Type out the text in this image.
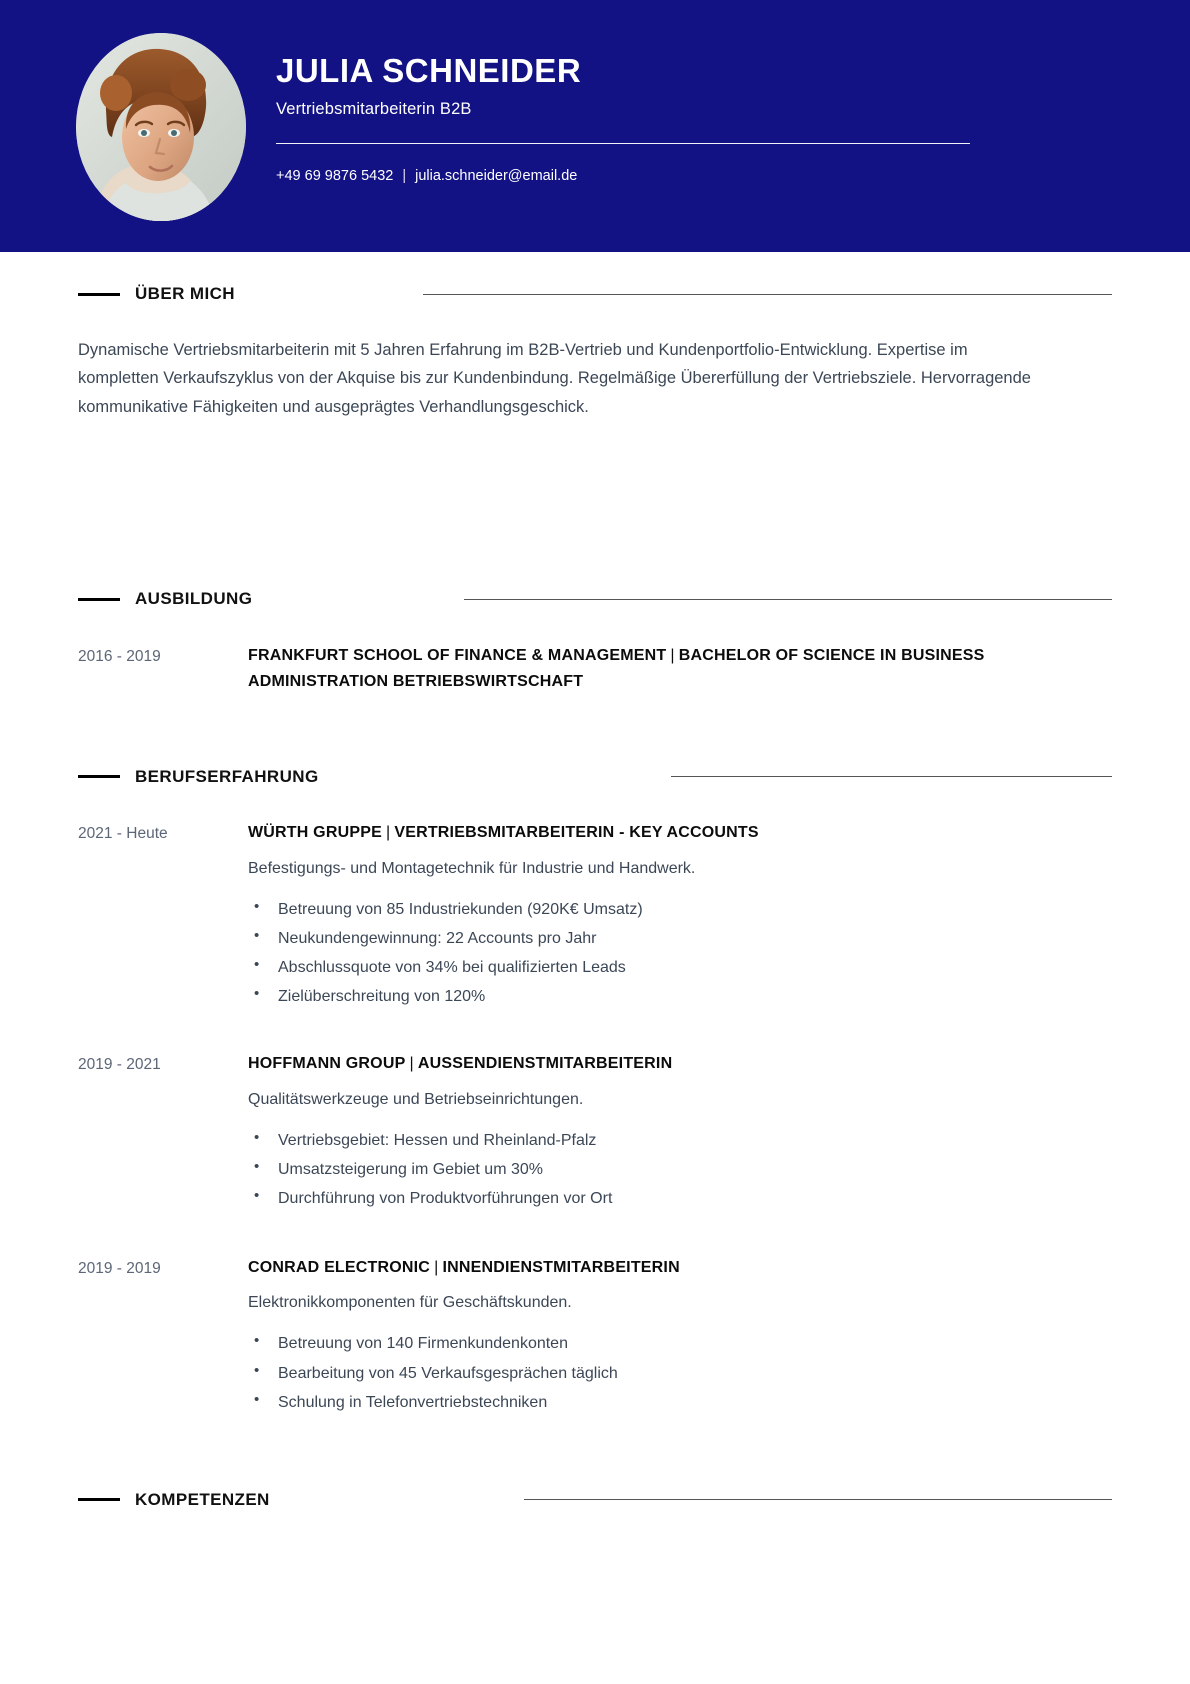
JULIA SCHNEIDER
Vertriebsmitarbeiterin B2B
+49 69 9876 5432 | julia.schneider@email.de
ÜBER MICH

Dynamische Vertriebsmitarbeiterin mit 5 Jahren Erfahrung im B2B-Vertrieb und Kundenportfolio-Entwicklung. Expertise im kompletten Verkaufszyklus von der Akquise bis zur Kundenbindung. Regelmäßige Übererfüllung der Vertriebsziele. Hervorragende kommunikative Fähigkeiten und ausgeprägtes Verhandlungsgeschick.

AUSBILDUNG
2016 - 2019	FRANKFURT SCHOOL OF FINANCE & MANAGEMENT | BACHELOR OF SCIENCE IN BUSINESS ADMINISTRATION BETRIEBSWIRTSCHAFT
BERUFSERFAHRUNG
2021 - Heute	WÜRTH GRUPPE | VERTRIEBSMITARBEITERIN - KEY ACCOUNTS
Befestigungs- und Montagetechnik für Industrie und Handwerk.
• Betreuung von 85 Industriekunden (920K€ Umsatz)
• Neukundengewinnung: 22 Accounts pro Jahr
• Abschlussquote von 34% bei qualifizierten Leads
• Zielüberschreitung von 120%
2019 - 2021	HOFFMANN GROUP | AUSSENDIENSTMITARBEITERIN
Qualitätswerkzeuge und Betriebseinrichtungen.
• Vertriebsgebiet: Hessen und Rheinland-Pfalz
• Umsatzsteigerung im Gebiet um 30%
• Durchführung von Produktvorführungen vor Ort
2019 - 2019	CONRAD ELECTRONIC | INNENDIENSTMITARBEITERIN
Elektronikkomponenten für Geschäftskunden.
• Betreuung von 140 Firmenkundenkonten
• Bearbeitung von 45 Verkaufsgesprächen täglich
• Schulung in Telefonvertriebstechniken
KOMPETENZEN
